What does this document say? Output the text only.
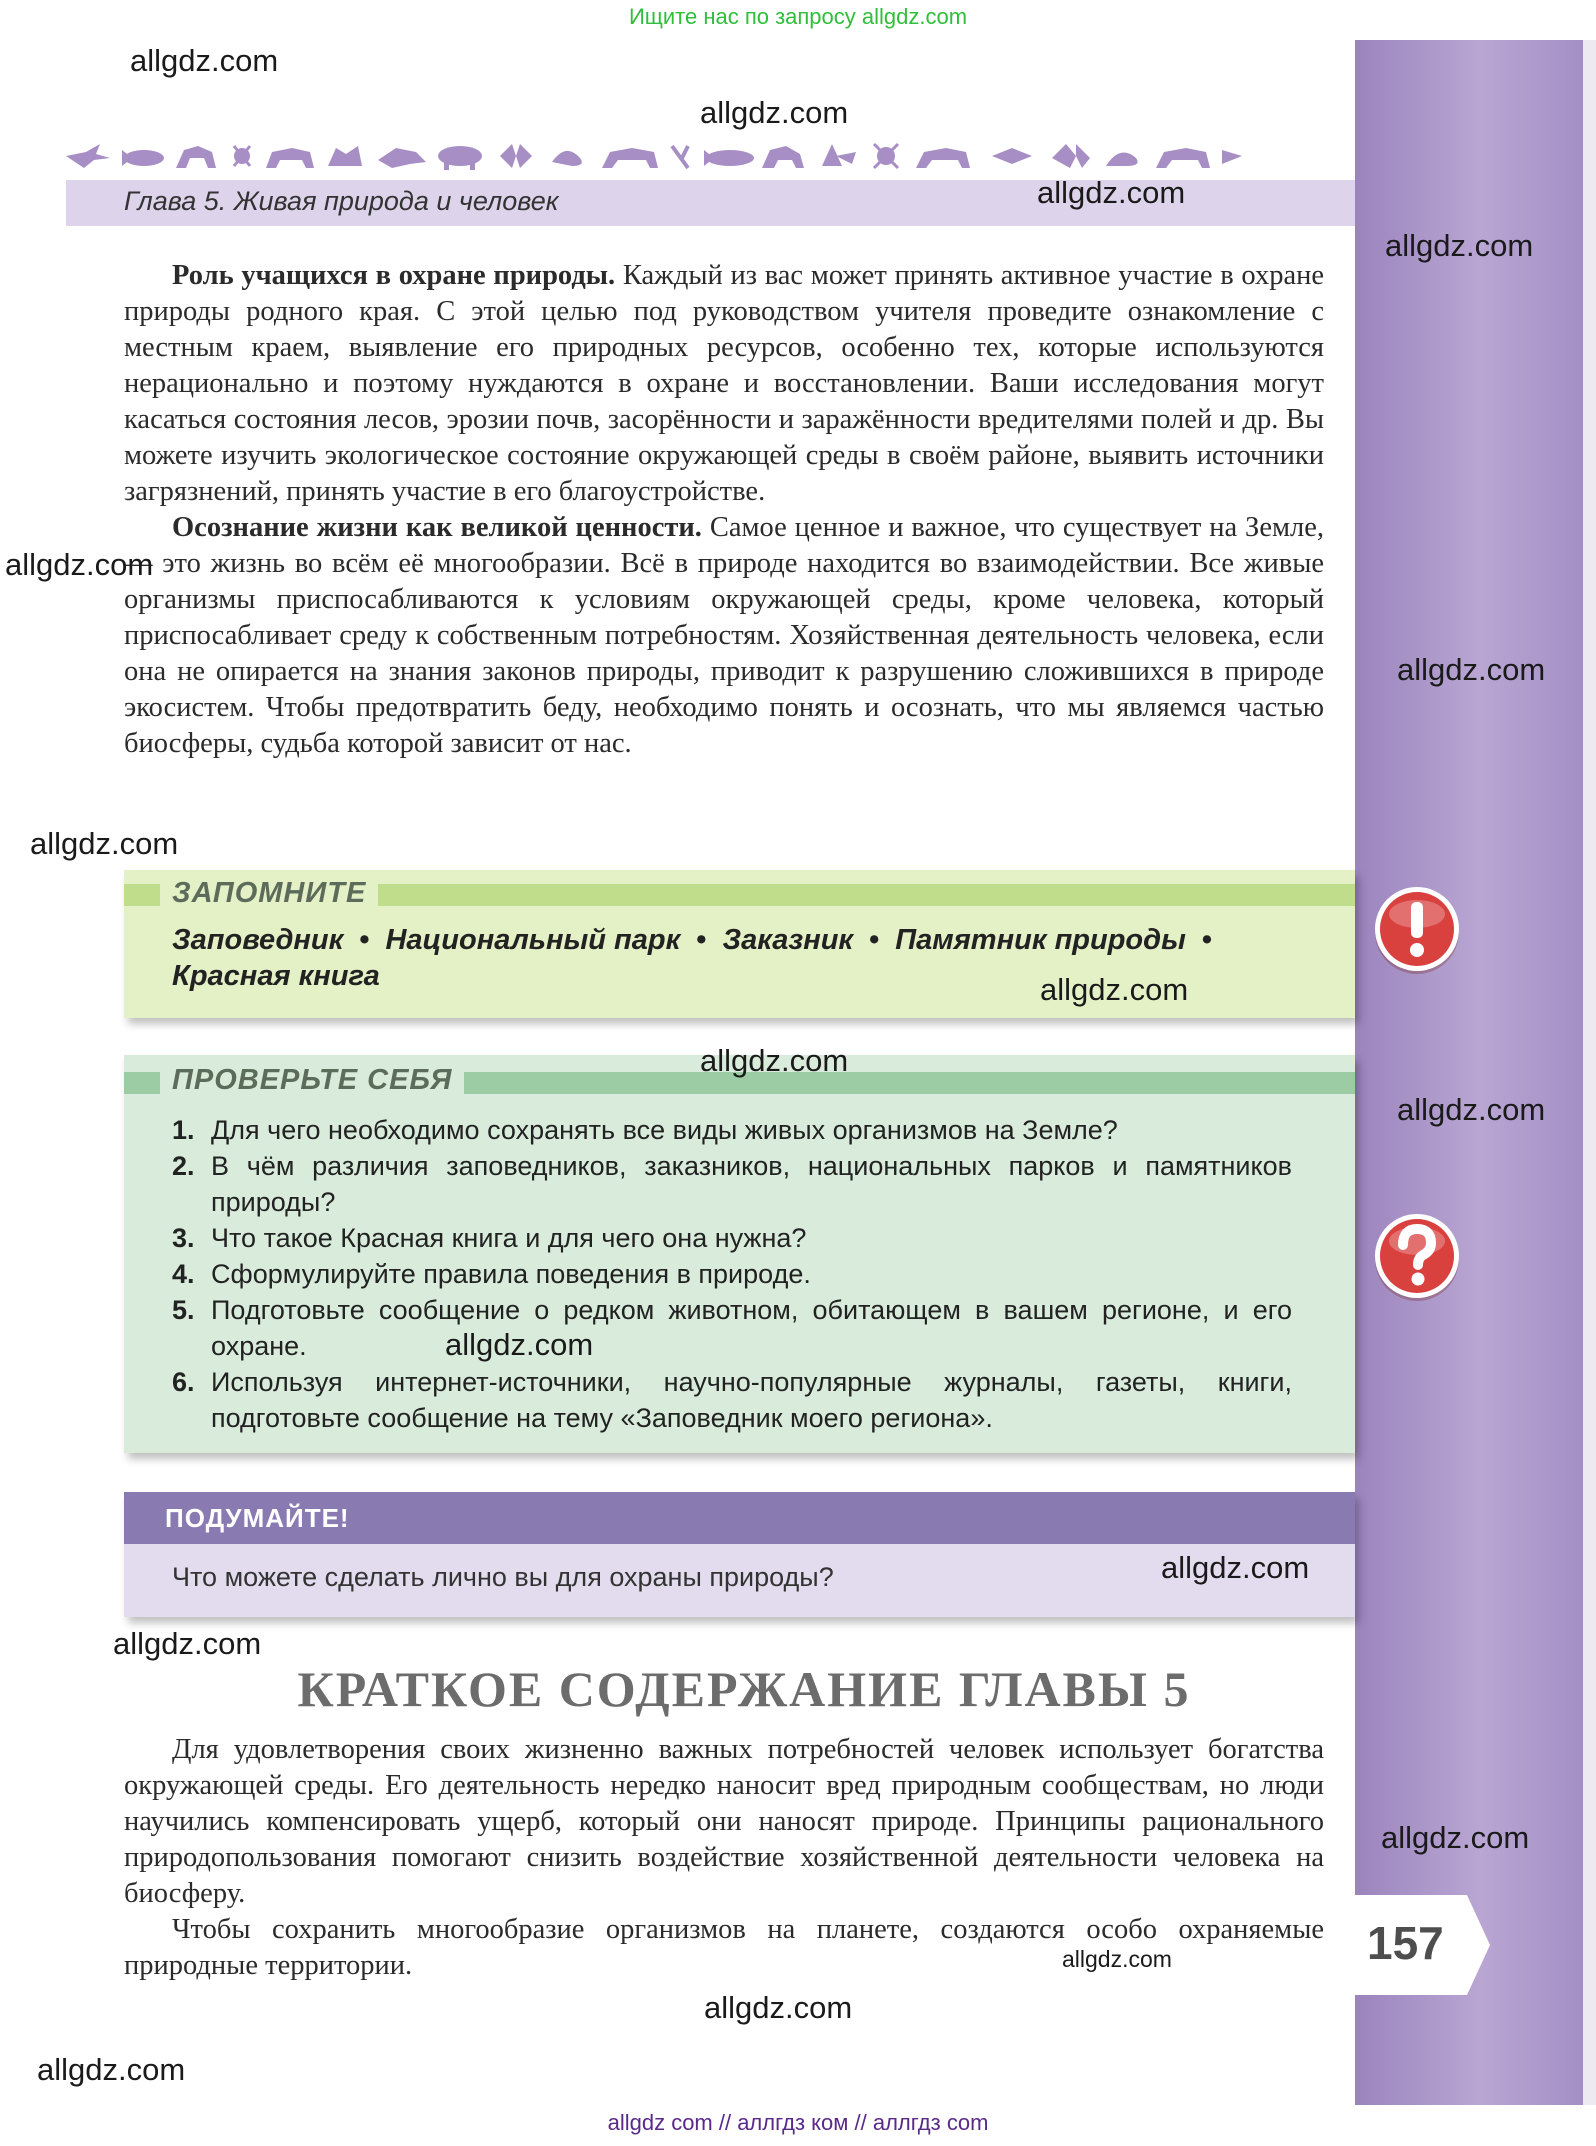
Ищите нас по запросу allgdz.com
Глава 5. Живая природа и человек

Роль учащихся в охране природы. Каждый из вас может принять активное участие в охране природы родного края. С этой целью под руководством учителя проведите ознакомление с местным краем, выявление его природных ресурсов, особенно тех, которые используются нерационально и поэтому нуждаются в охране и восстановлении. Ваши исследования могут касаться состояния лесов, эрозии почв, засорённости и заражённости вредителями полей и др. Вы можете изучить экологическое состояние окружающей среды в своём районе, выявить источники загрязнений, принять участие в его благоустройстве.

Осознание жизни как великой ценности. Самое ценное и важное, что существует на Земле, — это жизнь во всём её многообразии. Всё в природе находится во взаимодействии. Все живые организмы приспосабливаются к условиям окружающей среды, кроме человека, который приспосабливает среду к собственным потребностям. Хозяйственная деятельность человека, если она не опирается на знания законов природы, приводит к разрушению сложившихся в природе экосистем. Чтобы предотвратить беду, необходимо понять и осознать, что мы являемся частью биосферы, судьба которой зависит от нас.

ЗАПОМНИТЕ
Заповедник • Национальный парк • Заказник • Памятник природы •
Красная книга
ПРОВЕРЬТЕ СЕБЯ
1. Для чего необходимо сохранять все виды живых организмов на Земле?
2. В чём различия заповедников, заказников, национальных парков и памятников природы?
3. Что такое Красная книга и для чего она нужна?
4. Сформулируйте правила поведения в природе.
5. Подготовьте сообщение о редком животном, обитающем в вашем регионе, и его охране.
6. Используя интернет-источники, научно-популярные журналы, газеты, книги, подготовьте сообщение на тему «Заповедник моего региона».
ПОДУМАЙТЕ!
Что можете сделать лично вы для охраны природы?
КРАТКОЕ СОДЕРЖАНИЕ ГЛАВЫ 5

Для удовлетворения своих жизненно важных потребностей человек использует богатства окружающей среды. Его деятельность нередко наносит вред природным сообществам, но люди научились компенсировать ущерб, который они наносят природе. Принципы рационального природопользования помогают снизить воздействие хозяйственной деятельности человека на биосферу.

Чтобы сохранить многообразие организмов на планете, создаются особо охраняемые природные территории.	157
allgdz.com
allgdz.com
allgdz.com
allgdz.com
allgdz.com
allgdz.com
allgdz.com
allgdz.com
allgdz.com
allgdz.com
allgdz.com
allgdz.com
allgdz.com
allgdz.com
allgdz.com
allgdz.com
allgdz.com
allgdz com // аллгдз ком // аллгдз com
